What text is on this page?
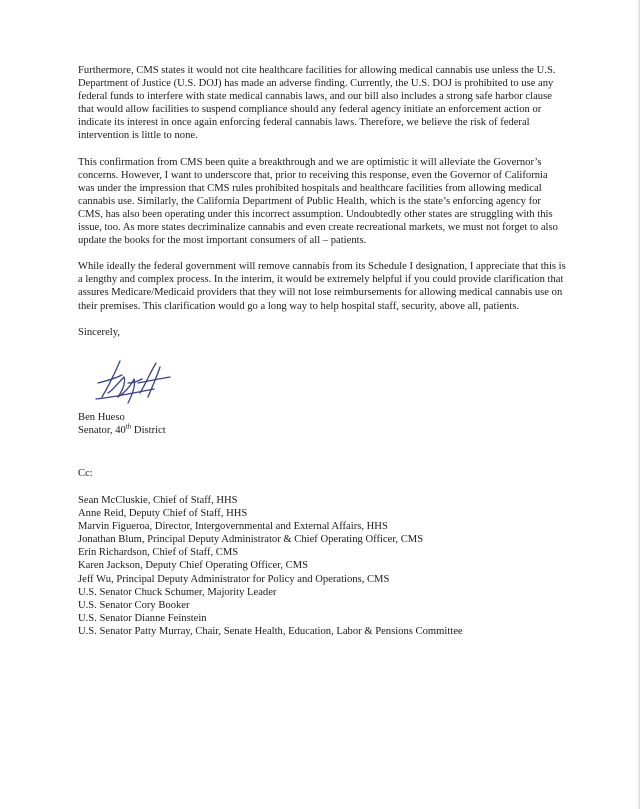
Furthermore, CMS states it would not cite healthcare facilities for allowing medical cannabis use unless the U.S. Department of Justice (U.S. DOJ) has made an adverse finding. Currently, the U.S. DOJ is prohibited to use any federal funds to interfere with state medical cannabis laws, and our bill also includes a strong safe harbor clause that would allow facilities to suspend compliance should any federal agency initiate an enforcement action or indicate its interest in once again enforcing federal cannabis laws. Therefore, we believe the risk of federal intervention is little to none.

This confirmation from CMS been quite a breakthrough and we are optimistic it will alleviate the Governor’s concerns. However, I want to underscore that, prior to receiving this response, even the Governor of California was under the impression that CMS rules prohibited hospitals and healthcare facilities from allowing medical cannabis use. Similarly, the California Department of Public Health, which is the state’s enforcing agency for CMS, has also been operating under this incorrect assumption. Undoubtedly other states are struggling with this issue, too. As more states decriminalize cannabis and even create recreational markets, we must not forget to also update the books for the most important consumers of all – patients.

While ideally the federal government will remove cannabis from its Schedule I designation, I appreciate that this is a lengthy and complex process. In the interim, it would be extremely helpful if you could provide clarification that assures Medicare/Medicaid providers that they will not lose reimbursements for allowing medical cannabis use on their premises. This clarification would go a long way to help hospital staff, security, above all, patients.

Sincerely,

Ben Hueso

Senator, 40th District

Cc:

Sean McCluskie, Chief of Staff, HHS
Anne Reid, Deputy Chief of Staff, HHS
Marvin Figueroa, Director, Intergovernmental and External Affairs, HHS
Jonathan Blum, Principal Deputy Administrator & Chief Operating Officer, CMS
Erin Richardson, Chief of Staff, CMS
Karen Jackson, Deputy Chief Operating Officer, CMS
Jeff Wu, Principal Deputy Administrator for Policy and Operations, CMS
U.S. Senator Chuck Schumer, Majority Leader
U.S. Senator Cory Booker
U.S. Senator Dianne Feinstein
U.S. Senator Patty Murray, Chair, Senate Health, Education, Labor & Pensions Committee
